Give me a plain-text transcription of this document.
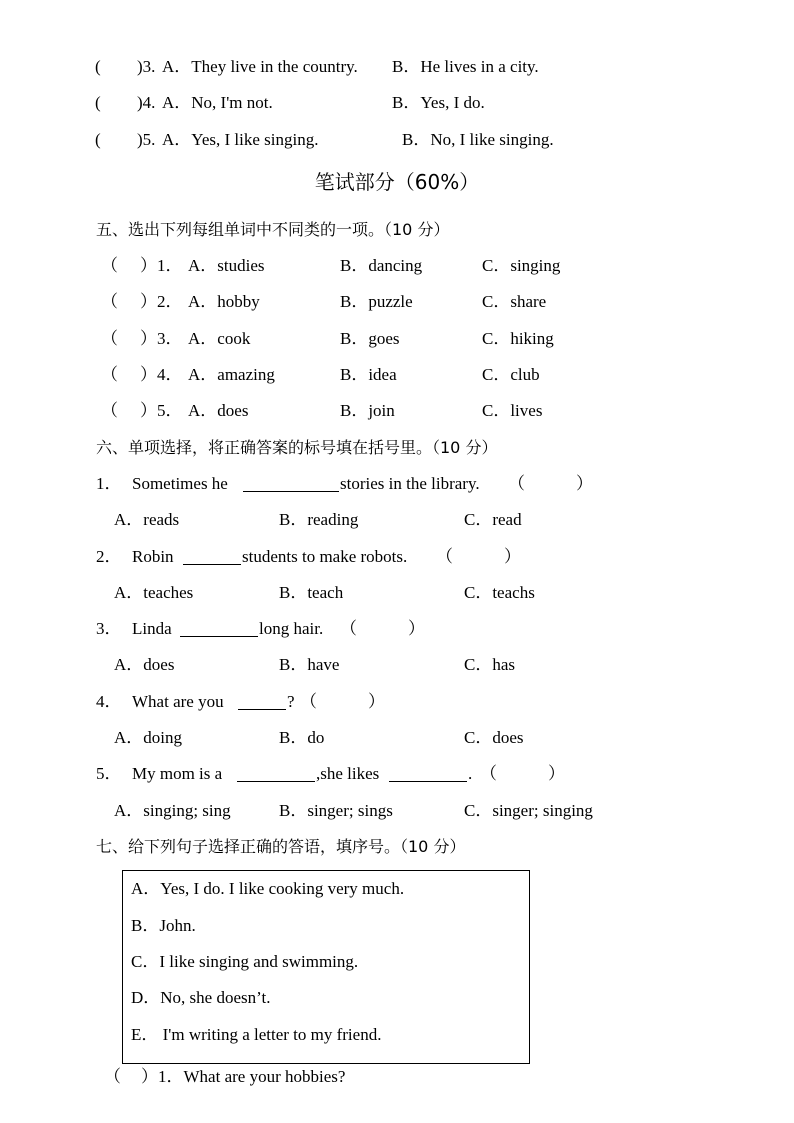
( )3. A．They live in the country. B．He lives in a city.
( )4. A．No, I'm not.	B．Yes, I do.
( )5. A．Yes, I like singing.	B．No, I like singing.
笔试部分（60%）
五、选出下列每组单词中不同类的一项。（10 分）
（ ）1． A．studies	B．dancing	C．singing
（ ）2． A．hobby	B．puzzle	C．share
（ ）3． A．cook	B．goes	C．hiking
（ ）4． A．amazing	B．idea	C．club
（ ）5． A．does	B．join	C．lives
六、单项选择，将正确答案的标号填在括号里。（10 分）
1． Sometimes he	stories in the library. （　　　）
A．reads	B．reading	C．read
2． Robin	students to make robots. （　　　）
A．teaches	B．teach	C．teachs
3． Linda	long hair. （　　　）
A．does	B．have	C．has
4． What are you	? （　　　）
A．doing	B．do	C．does
5． My mom is a	,she likes	. （　　　）
A．singing; sing	B．singer; sings	C．singer; singing
七、给下列句子选择正确的答语，填序号。（10 分）
A．Yes, I do. I like cooking very much.
B．John.
C．I like singing and swimming.
D．No, she doesn’t.
E． I'm writing a letter to my friend.
（ ）1．What are your hobbies?
